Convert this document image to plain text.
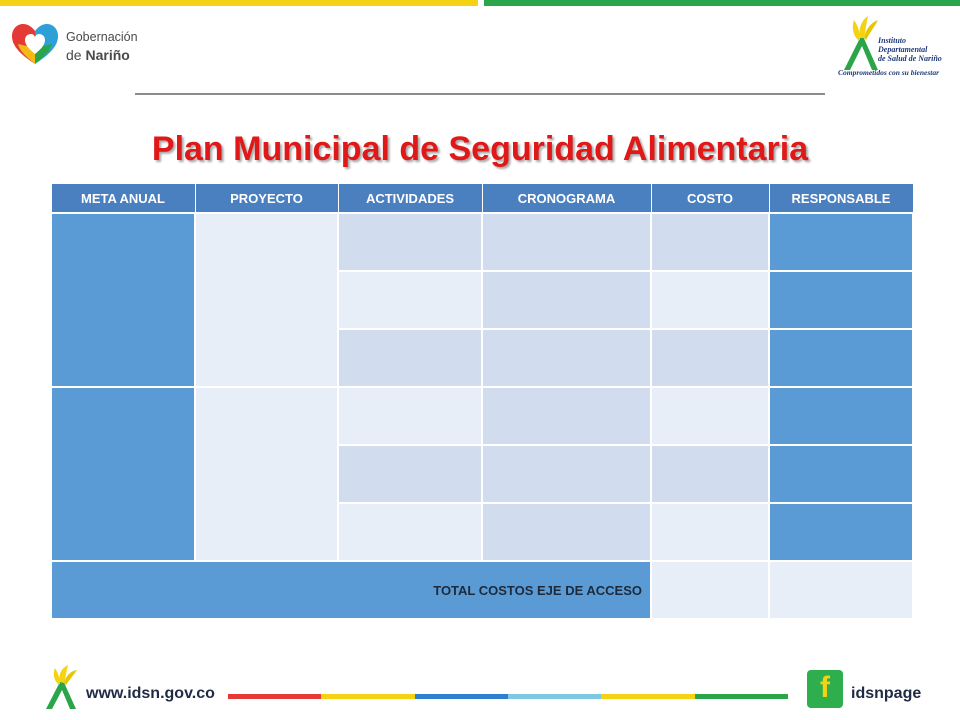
Gobernación
de Nariño
Instituto
Departamental
de Salud de Nariño
Comprometidos con su bienestar
Plan Municipal de Seguridad Alimentaria
META ANUAL	PROYECTO	ACTIVIDADES	CRONOGRAMA	COSTO	RESPONSABLE

TOTAL COSTOS EJE DE ACCESO					
www.idsn.gov.co	f	idsnpage
